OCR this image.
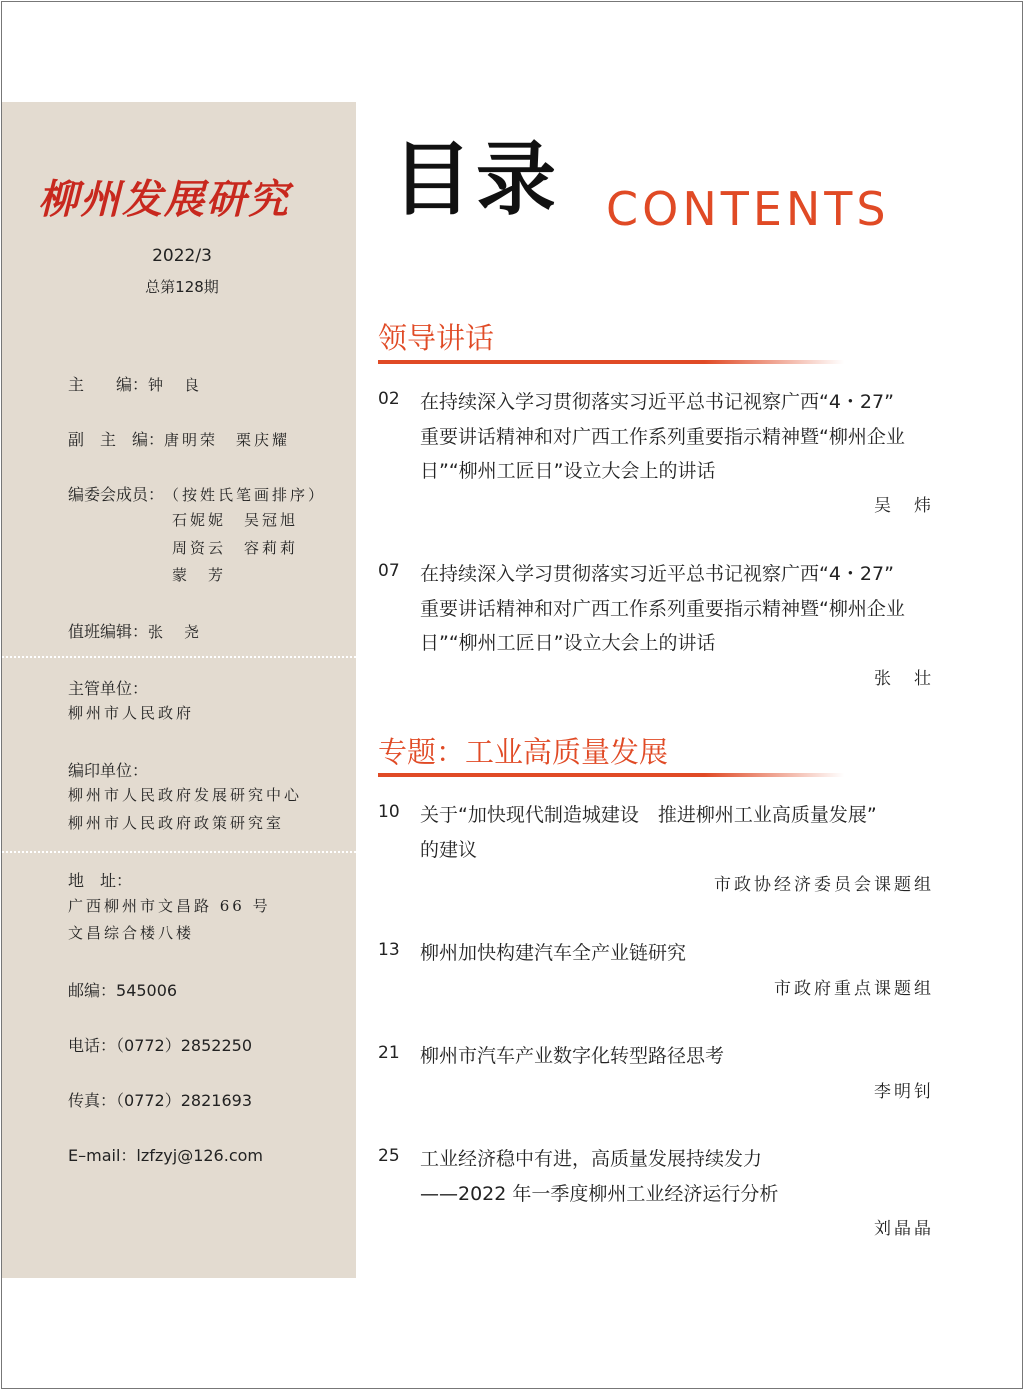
柳州发展研究
2022/3
总第128期
主　　编：钟　良
副　主　编：唐明荣　栗庆耀
编委会成员：（按姓氏笔画排序）
石妮妮　吴冠旭
周资云　容莉莉
蒙　芳
值班编辑：张　尧
主管单位：
柳州市人民政府
编印单位：
柳州市人民政府发展研究中心
柳州市人民政府政策研究室
地　址：
广西柳州市文昌路 66 号
文昌综合楼八楼
邮编：545006
电话：（0772）2852250
传真：（0772）2821693
E–mail：lzfzyj@126.com
目录 CONTENTS
领导讲话
02 在持续深入学习贯彻落实习近平总书记视察广西“4・27”
重要讲话精神和对广西工作系列重要指示精神暨“柳州企业
日”“柳州工匠日”设立大会上的讲话
吴　炜
07 在持续深入学习贯彻落实习近平总书记视察广西“4・27”
重要讲话精神和对广西工作系列重要指示精神暨“柳州企业
日”“柳州工匠日”设立大会上的讲话
张　壮
专题：工业高质量发展
10 关于“加快现代制造城建设　推进柳州工业高质量发展”
的建议
市政协经济委员会课题组
13 柳州加快构建汽车全产业链研究
市政府重点课题组
21 柳州市汽车产业数字化转型路径思考
李明钊
25 工业经济稳中有进，高质量发展持续发力
——2022 年一季度柳州工业经济运行分析
刘晶晶
